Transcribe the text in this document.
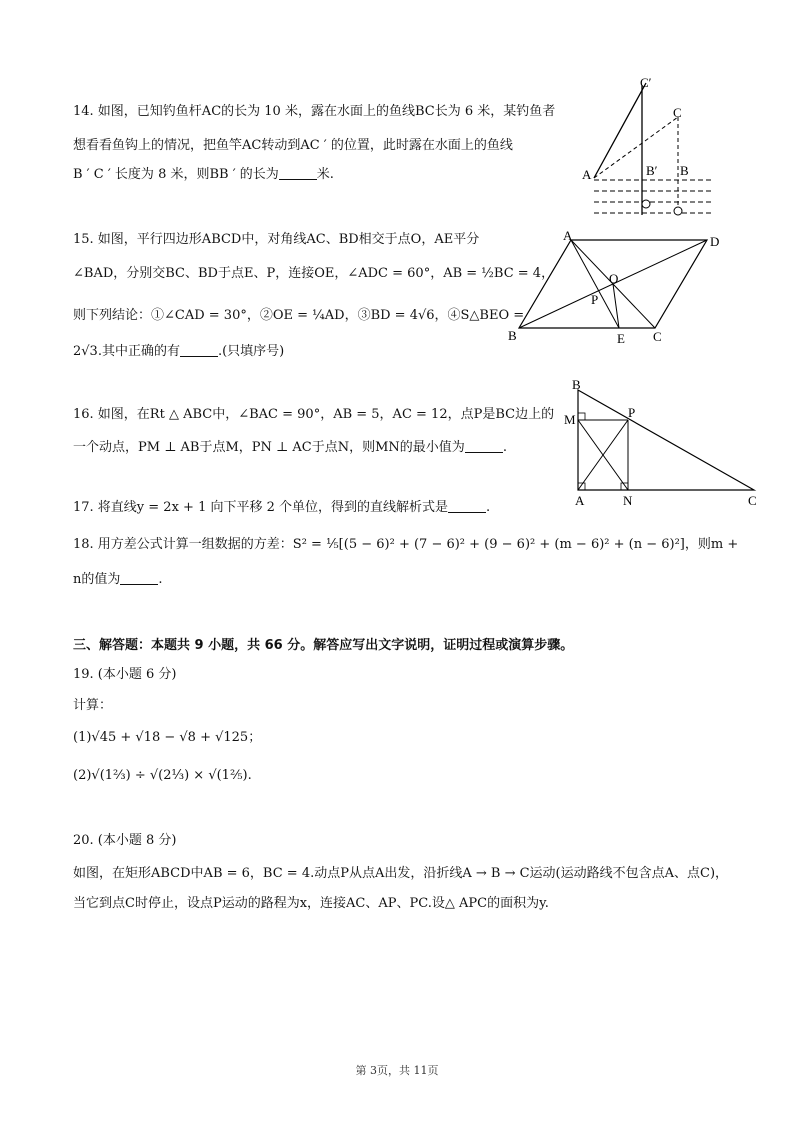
14. 如图，已知钓鱼杆AC的长为 10 米，露在水面上的鱼线BC长为 6 米，某钓鱼者
想看看鱼钩上的情况，把鱼竿AC转动到AC ′ 的位置，此时露在水面上的鱼线
B ′ C ′ 长度为 8 米，则BB ′ 的长为	米.	A	B′ B
C′
C
15. 如图，平行四边形ABCD中，对角线AC、BD相交于点O，AE平分
∠BAD，分别交BC、BD于点E、P，连接OE，∠ADC = 60°，AB = ½BC = 4，
则下列结论：①∠CAD = 30°，②OE = ¼AD，③BD = 4√6，④S△BEO =
2√3.其中正确的有	.(只填序号)
A	D
O
P
B	E C
16. 如图，在Rt △ ABC中，∠BAC = 90°，AB = 5，AC = 12，点P是BC边上的
一个动点，PM ⊥ AB于点M，PN ⊥ AC于点N，则MN的最小值为	.
B
M	P
A	N	C
17. 将直线y = 2x + 1 向下平移 2 个单位，得到的直线解析式是	.
18. 用方差公式计算一组数据的方差：S² = ⅕[(5 − 6)² + (7 − 6)² + (9 − 6)² + (m − 6)² + (n − 6)²]，则m +
n的值为	.
三、解答题：本题共 9 小题，共 66 分。解答应写出文字说明，证明过程或演算步骤。
19. (本小题 6 分)
计算：
(1)√45 + √18 − √8 + √125；
(2)√(1⅔) ÷ √(2⅓) × √(1⅖).
20. (本小题 8 分)
如图，在矩形ABCD中AB = 6，BC = 4.动点P从点A出发，沿折线A → B → C运动(运动路线不包含点A、点C)，
当它到点C时停止，设点P运动的路程为x，连接AC、AP、PC.设△ APC的面积为y.
第 3页，共 11页
